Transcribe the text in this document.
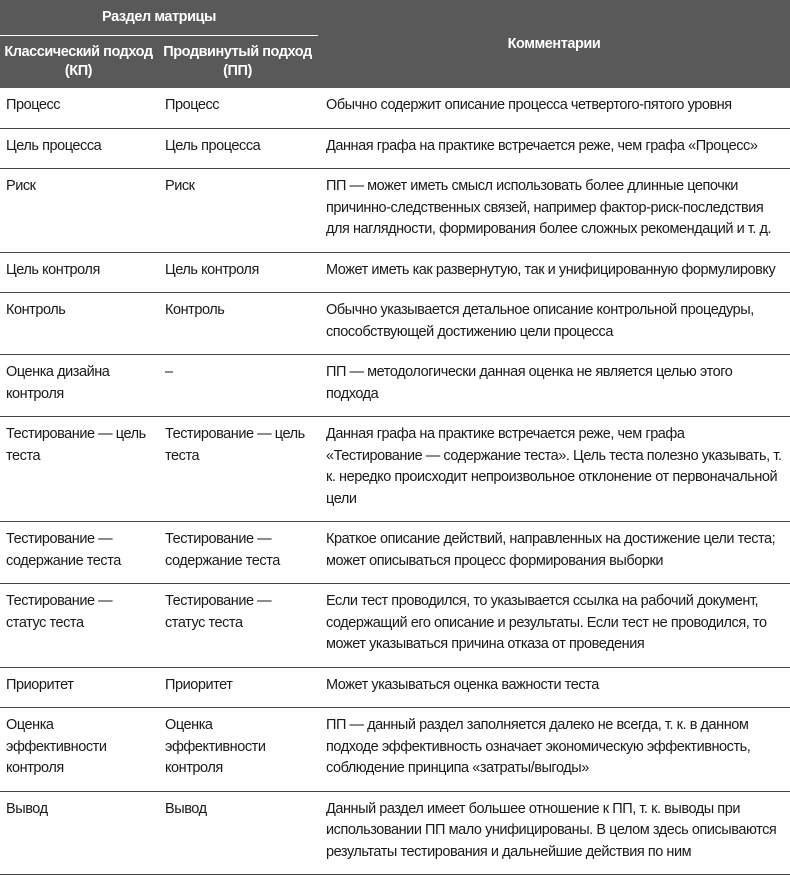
Раздел матрицы		Комментарии
Классический подход (КП)	Продвинутый подход (ПП)	
Процесс	Процесс	Обычно содержит описание процесса четвертого-пятого уровня
Цель процесса	Цель процесса	Данная графа на практике встречается реже, чем графа «Процесс»
Риск	Риск	ПП — может иметь смысл использовать более длинные цепочки причинно-следственных связей, например фактор-риск-последствия для наглядности, формирования более сложных рекомендаций и т. д.
Цель контроля	Цель контроля	Может иметь как развернутую, так и унифицированную формулировку
Контроль	Контроль	Обычно указывается детальное описание контрольной процедуры, способствующей достижению цели процесса
Оценка дизайна контроля	–	ПП — методологически данная оценка не является целью этого подхода
Тестирование — цель теста	Тестирование — цель теста	Данная графа на практике встречается реже, чем графа «Тестирование — содержание теста». Цель теста полезно указывать, т. к. нередко происходит непроизвольное отклонение от первоначальной цели
Тестирование — содержание теста	Тестирование — содержание теста	Краткое описание действий, направленных на достижение цели теста; может описываться процесс формирования выборки
Тестирование — статус теста	Тестирование — статус теста	Если тест проводился, то указывается ссылка на рабочий документ, содержащий его описание и результаты. Если тест не проводился, то может указываться причина отказа от проведения
Приоритет	Приоритет	Может указываться оценка важности теста
Оценка эффективности контроля	Оценка эффективности контроля	ПП — данный раздел заполняется далеко не всегда, т. к. в данном подходе эффективность означает экономическую эффективность, соблюдение принципа «затраты/выгоды»
Вывод	Вывод	Данный раздел имеет большее отношение к ПП, т. к. выводы при использовании ПП мало унифицированы. В целом здесь описываются результаты тестирования и дальнейшие действия по ним
